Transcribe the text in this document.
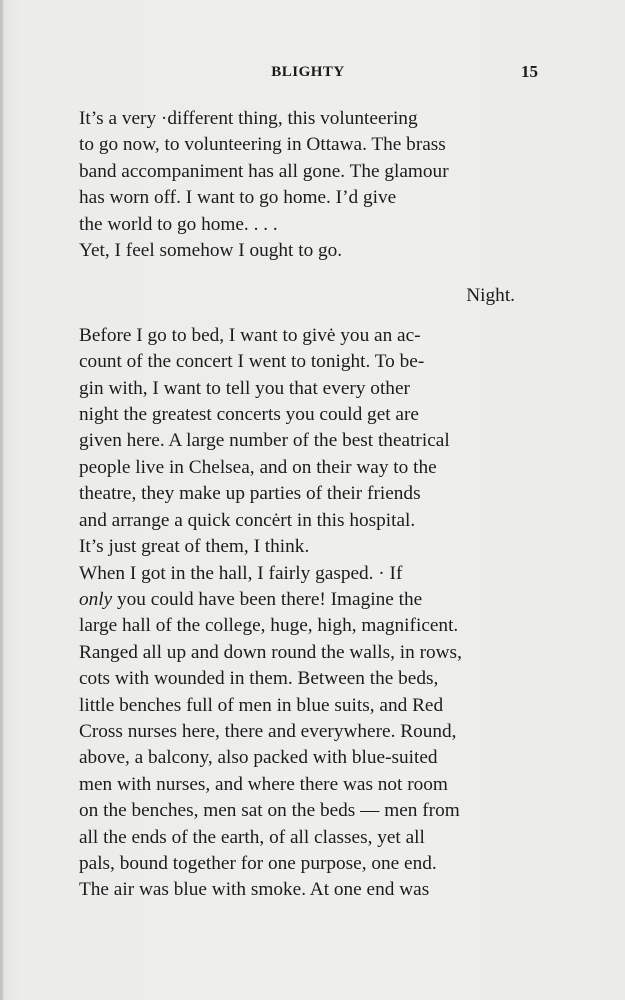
BLIGHTY	15

It’s a very ·different thing, this volunteering

to go now, to volunteering in Ottawa. The brass

band accompaniment has all gone. The glamour

has worn off. I want to go home. I’d give

the world to go home. . . .

Yet, I feel somehow I ought to go.

Night.

Before I go to bed, I want to givė you an ac-

count of the concert I went to tonight. To be-

gin with, I want to tell you that every other

night the greatest concerts you could get are

given here. A large number of the best theatrical

people live in Chelsea, and on their way to the

theatre, they make up parties of their friends

and arrange a quick concėrt in this hospital.

It’s just great of them, I think.

When I got in the hall, I fairly gasped. · If

only you could have been there! Imagine the

large hall of the college, huge, high, magnificent.

Ranged all up and down round the walls, in rows,

cots with wounded in them. Between the beds,

little benches full of men in blue suits, and Red

Cross nurses here, there and everywhere. Round,

above, a balcony, also packed with blue-suited

men with nurses, and where there was not room

on the benches, men sat on the beds — men from

all the ends of the earth, of all classes, yet all

pals, bound together for one purpose, one end.

The air was blue with smoke. At one end was
